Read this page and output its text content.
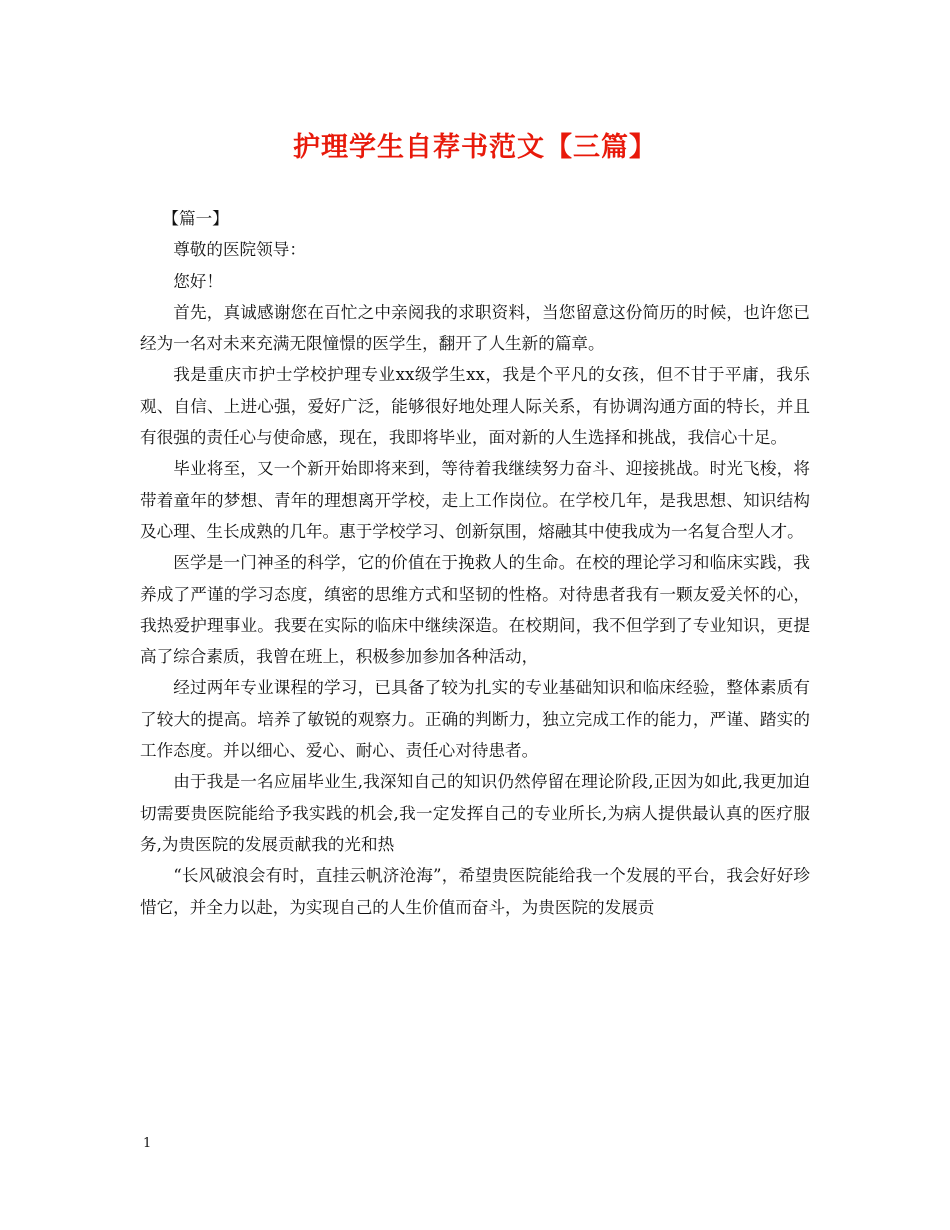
护理学生自荐书范文【三篇】

【篇一】

尊敬的医院领导：

您好！

首先，真诚感谢您在百忙之中亲阅我的求职资料，当您留意这份简历的时候，也许您已经为一名对未来充满无限憧憬的医学生，翻开了人生新的篇章。

我是重庆市护士学校护理专业xx级学生xx，我是个平凡的女孩，但不甘于平庸，我乐观、自信、上进心强，爱好广泛，能够很好地处理人际关系，有协调沟通方面的特长，并且有很强的责任心与使命感，现在，我即将毕业，面对新的人生选择和挑战，我信心十足。

毕业将至，又一个新开始即将来到，等待着我继续努力奋斗、迎接挑战。时光飞梭，将带着童年的梦想、青年的理想离开学校，走上工作岗位。在学校几年，是我思想、知识结构及心理、生长成熟的几年。惠于学校学习、创新氛围，熔融其中使我成为一名复合型人才。

医学是一门神圣的科学，它的价值在于挽救人的生命。在校的理论学习和临床实践，我养成了严谨的学习态度，缜密的思维方式和坚韧的性格。对待患者我有一颗友爱关怀的心，我热爱护理事业。我要在实际的临床中继续深造。在校期间，我不但学到了专业知识，更提高了综合素质，我曾在班上，积极参加参加各种活动，

经过两年专业课程的学习，已具备了较为扎实的专业基础知识和临床经验，整体素质有了较大的提高。培养了敏锐的观察力。正确的判断力，独立完成工作的能力，严谨、踏实的工作态度。并以细心、爱心、耐心、责任心对待患者。

由于我是一名应届毕业生,我深知自己的知识仍然停留在理论阶段,正因为如此,我更加迫切需要贵医院能给予我实践的机会,我一定发挥自己的专业所长,为病人提供最认真的医疗服务,为贵医院的发展贡献我的光和热

“长风破浪会有时，直挂云帆济沧海”，希望贵医院能给我一个发展的平台，我会好好珍惜它，并全力以赴，为实现自己的人生价值而奋斗，为贵医院的发展贡

1
